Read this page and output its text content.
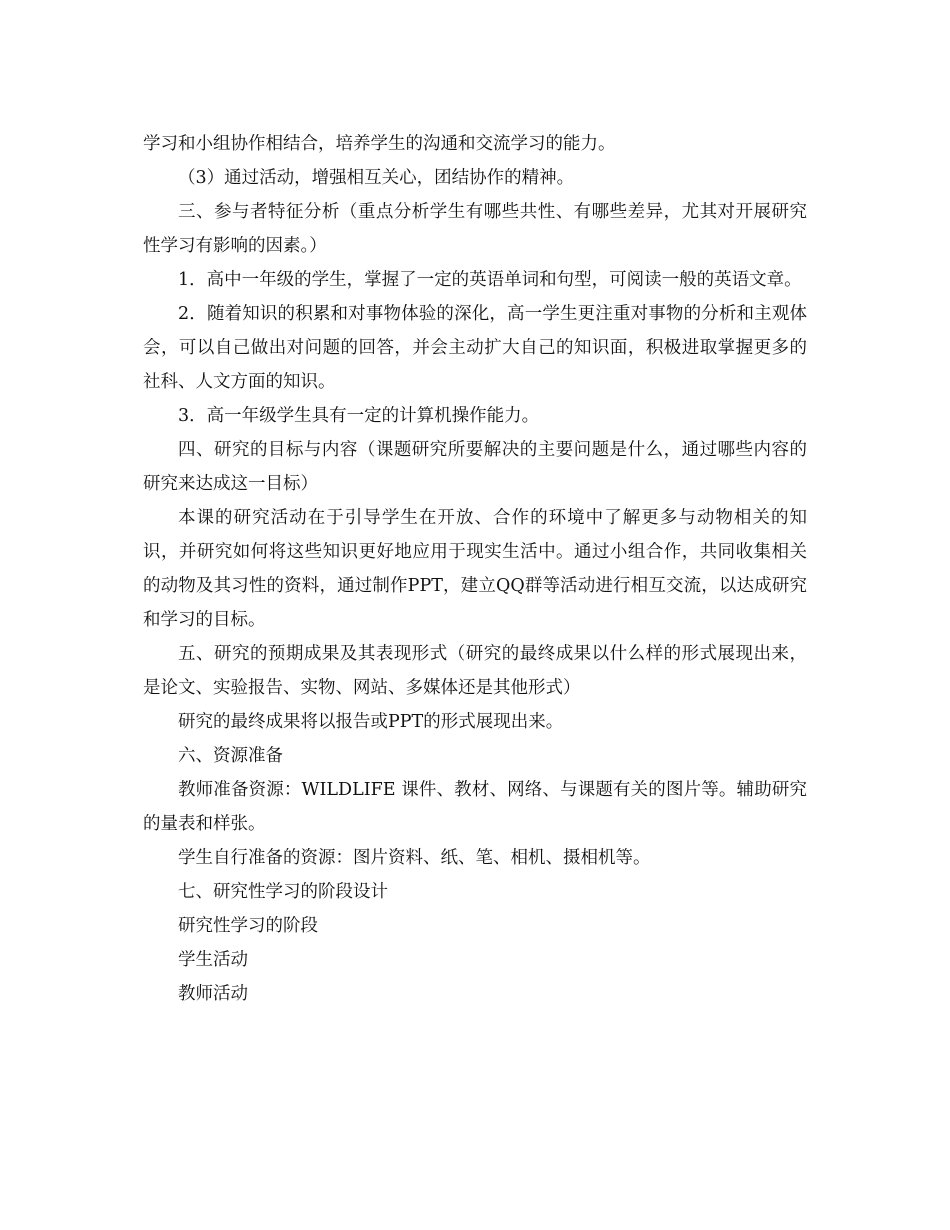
学习和小组协作相结合，培养学生的沟通和交流学习的能力。

（3）通过活动，增强相互关心，团结协作的精神。

三、参与者特征分析（重点分析学生有哪些共性、有哪些差异，尤其对开展研究性学习有影响的因素。）

1．高中一年级的学生，掌握了一定的英语单词和句型，可阅读一般的英语文章。

2．随着知识的积累和对事物体验的深化，高一学生更注重对事物的分析和主观体会，可以自己做出对问题的回答，并会主动扩大自己的知识面，积极进取掌握更多的社科、人文方面的知识。

3．高一年级学生具有一定的计算机操作能力。

四、研究的目标与内容（课题研究所要解决的主要问题是什么，通过哪些内容的研究来达成这一目标）

本课的研究活动在于引导学生在开放、合作的环境中了解更多与动物相关的知识，并研究如何将这些知识更好地应用于现实生活中。通过小组合作，共同收集相关的动物及其习性的资料，通过制作PPT，建立QQ群等活动进行相互交流，以达成研究和学习的目标。

五、研究的预期成果及其表现形式（研究的最终成果以什么样的形式展现出来，是论文、实验报告、实物、网站、多媒体还是其他形式）

研究的最终成果将以报告或PPT的形式展现出来。

六、资源准备

教师准备资源：WILDLIFE 课件、教材、网络、与课题有关的图片等。辅助研究的量表和样张。

学生自行准备的资源：图片资料、纸、笔、相机、摄相机等。

七、研究性学习的阶段设计

研究性学习的阶段

学生活动

教师活动
